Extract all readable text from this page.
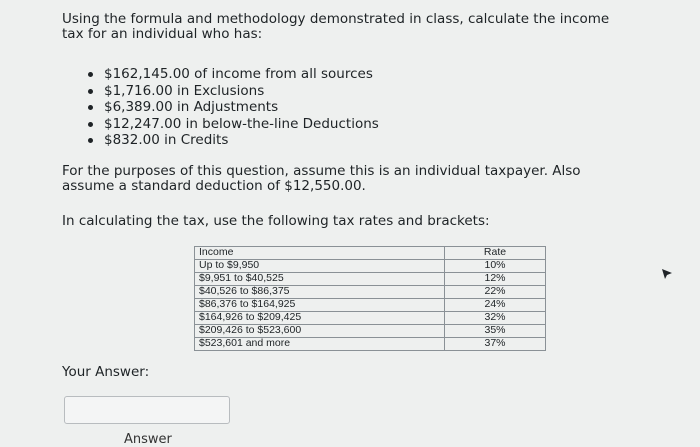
Using the formula and methodology demonstrated in class, calculate the income tax for an individual who has:

$162,145.00 of income from all sources
$1,716.00 in Exclusions
$6,389.00 in Adjustments
$12,247.00 in below-the-line Deductions
$832.00 in Credits

For the purposes of this question, assume this is an individual taxpayer. Also assume a standard deduction of $12,550.00.

In calculating the tax, use the following tax rates and brackets:

Income	Rate
Up to $9,950	10%
$9,951 to $40,525	12%
$40,526 to $86,375	22%
$86,376 to $164,925	24%
$164,926 to $209,425	32%
$209,426 to $523,600	35%
$523,601 and more	37%
Your Answer:
Answer
